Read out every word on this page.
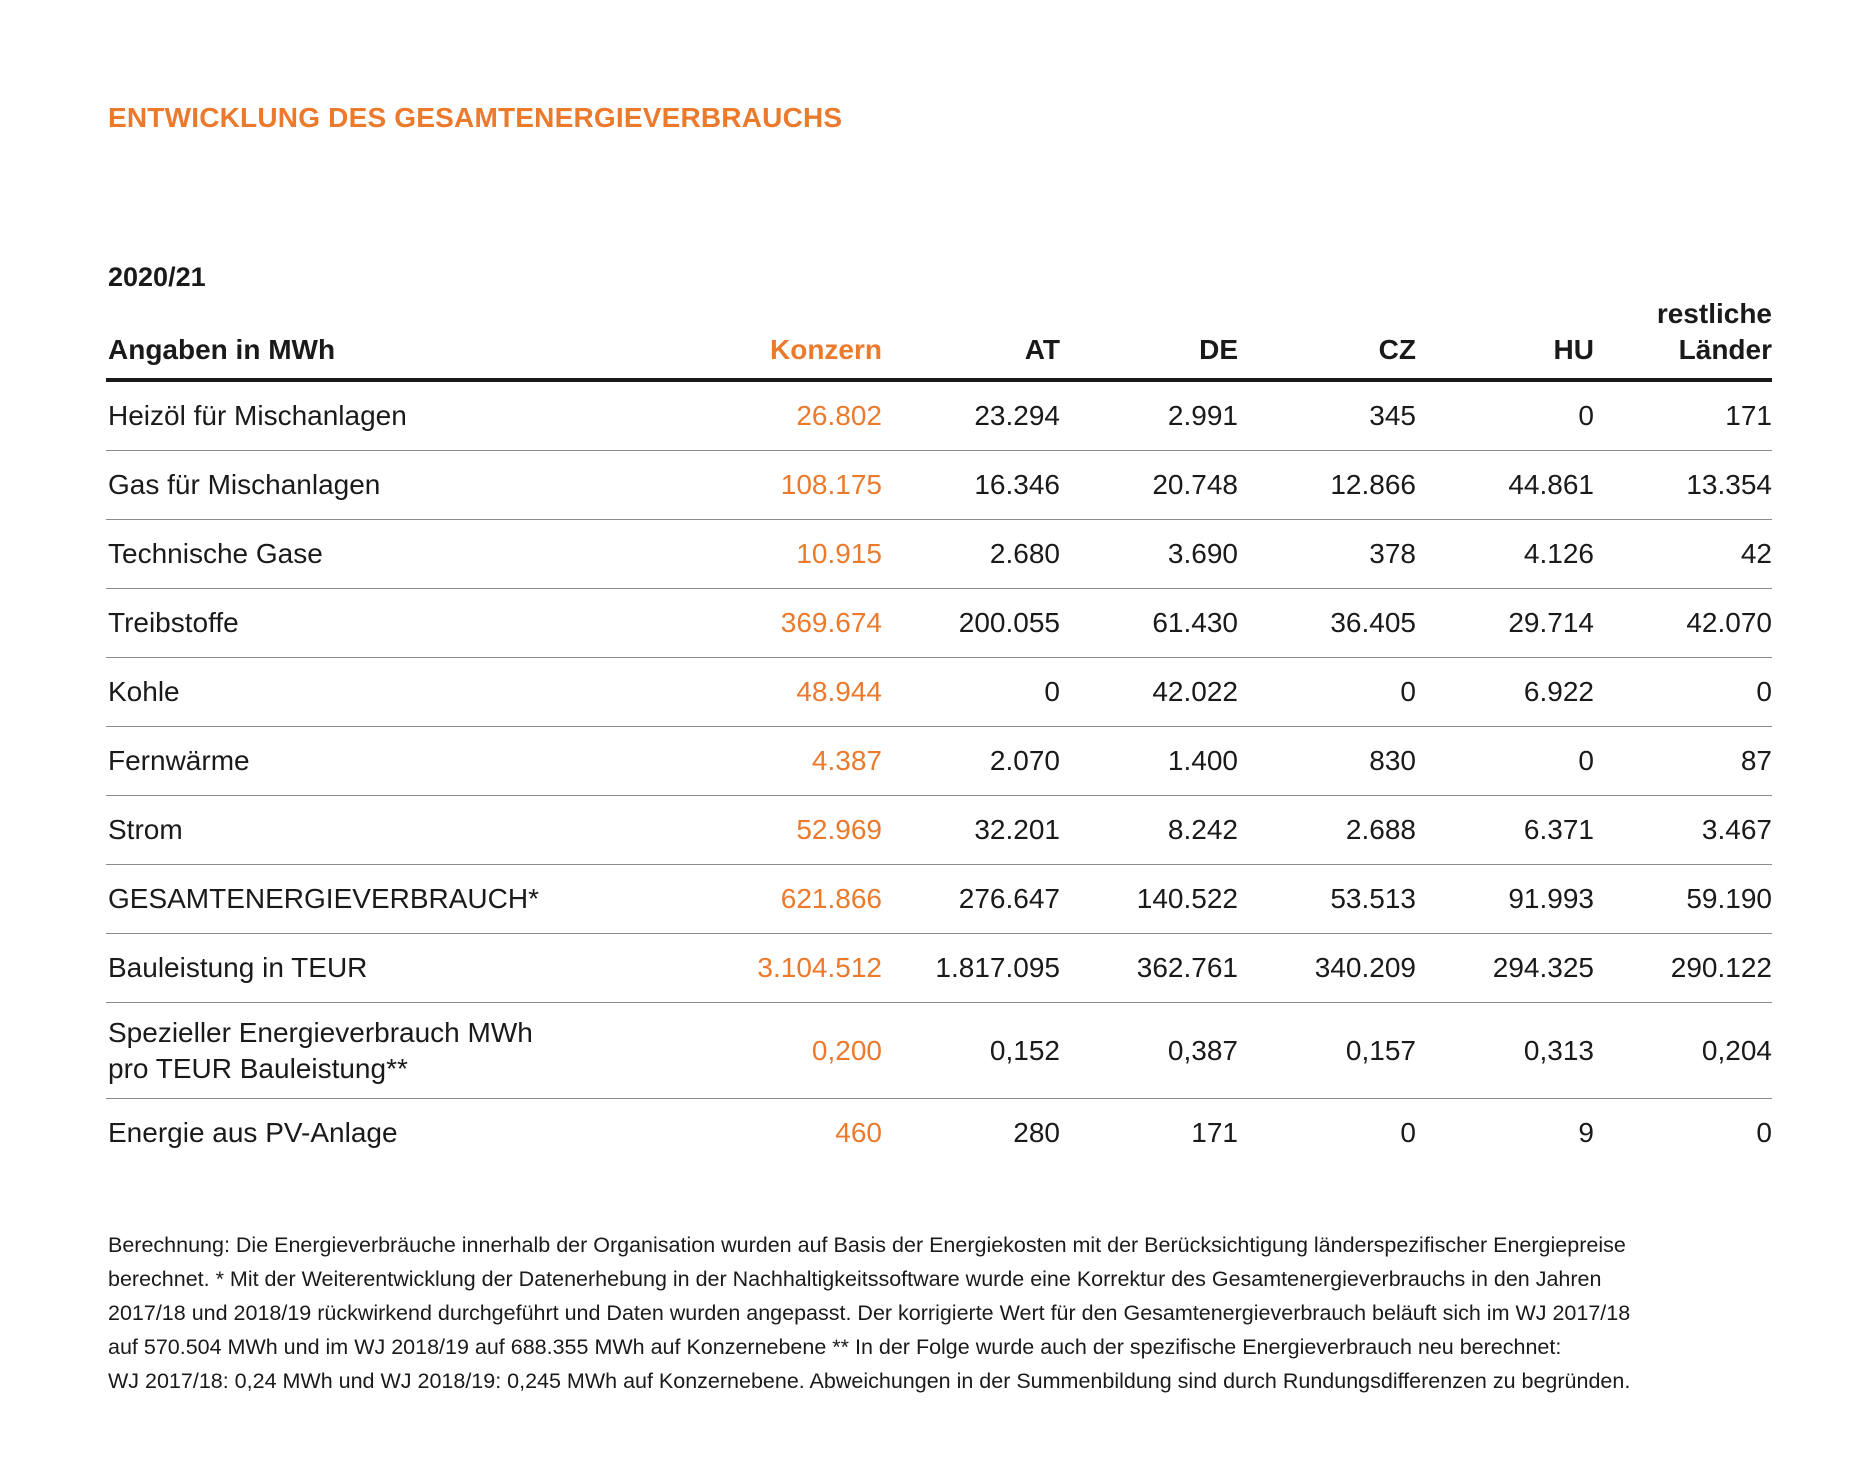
ENTWICKLUNG DES GESAMTENERGIEVERBRAUCHS
2020/21
Angaben in MWh	Konzern	AT	DE	CZ	HU	restliche
Länder
Heizöl für Mischanlagen	26.802	23.294	2.991	345	0	171
Gas für Mischanlagen	108.175	16.346	20.748	12.866	44.861	13.354
Technische Gase	10.915	2.680	3.690	378	4.126	42
Treibstoffe	369.674	200.055	61.430	36.405	29.714	42.070
Kohle	48.944	0	42.022	0	6.922	0
Fernwärme	4.387	2.070	1.400	830	0	87
Strom	52.969	32.201	8.242	2.688	6.371	3.467
GESAMTENERGIEVERBRAUCH*	621.866	276.647	140.522	53.513	91.993	59.190
Bauleistung in TEUR	3.104.512	1.817.095	362.761	340.209	294.325	290.122
Spezieller Energieverbrauch MWh
pro TEUR Bauleistung**	0,200	0,152	0,387	0,157	0,313	0,204
Energie aus PV-Anlage	460	280	171	0	9	0

Berechnung: Die Energieverbräuche innerhalb der Organisation wurden auf Basis der Energiekosten mit der Berücksichtigung länderspezifischer Energiepreise

berechnet. * Mit der Weiterentwicklung der Datenerhebung in der Nachhaltigkeitssoftware wurde eine Korrektur des Gesamtenergieverbrauchs in den Jahren

2017/18 und 2018/19 rückwirkend durchgeführt und Daten wurden angepasst. Der korrigierte Wert für den Gesamtenergieverbrauch beläuft sich im WJ 2017/18

auf 570.504 MWh und im WJ 2018/19 auf 688.355 MWh auf Konzernebene ** In der Folge wurde auch der spezifische Energieverbrauch neu berechnet:

WJ 2017/18: 0,24 MWh und WJ 2018/19: 0,245 MWh auf Konzernebene. Abweichungen in der Summenbildung sind durch Rundungsdifferenzen zu begründen.
